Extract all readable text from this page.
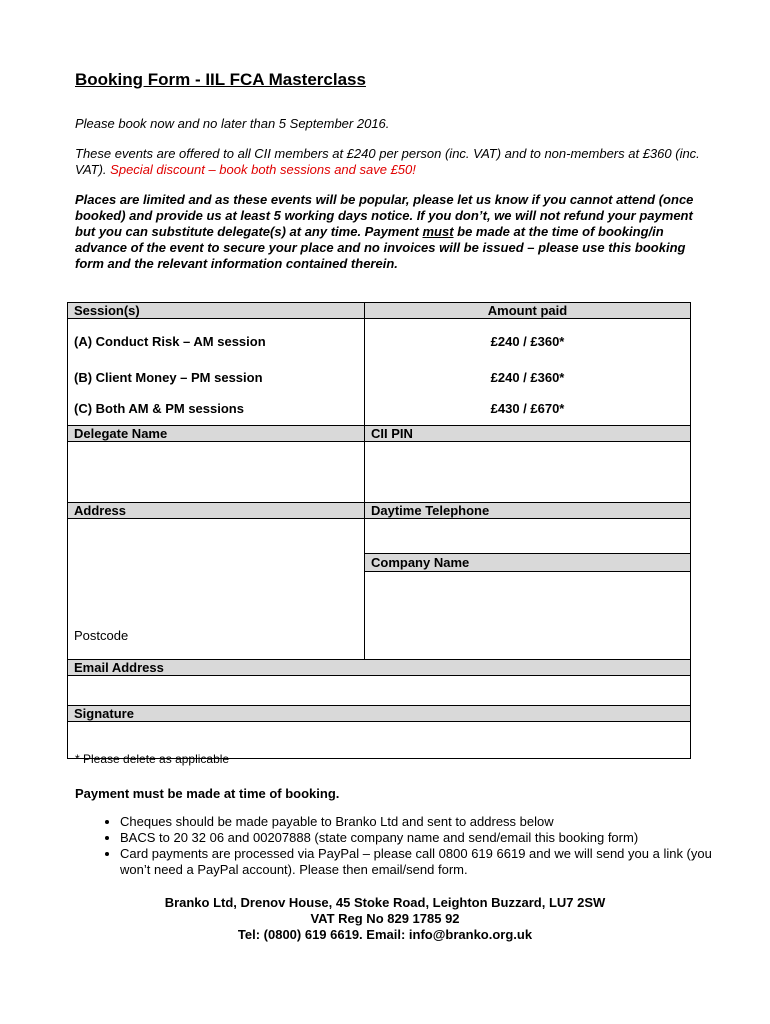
Booking Form - IIL FCA Masterclass

Please book now and no later than 5 September 2016.

These events are offered to all CII members at £240 per person (inc. VAT) and to non-members at £360 (inc. VAT). Special discount – book both sessions and save £50!

Places are limited and as these events will be popular, please let us know if you cannot attend (once booked) and provide us at least 5 working days notice. If you don’t, we will not refund your payment but you can substitute delegate(s) at any time. Payment must be made at the time of booking/in advance of the event to secure your place and no invoices will be issued – please use this booking form and the relevant information contained therein.

Session(s)	Amount paid
(A) Conduct Risk – AM session	£240 / £360*
(B) Client Money – PM session	£240 / £360*
(C) Both AM & PM sessions	£430 / £670*
Delegate Name	CII PIN

Address	Daytime Telephone
Postcode	
	Company Name

Email Address	

Signature	

* Please delete as applicable
Payment must be made at time of booking.
• Cheques should be made payable to Branko Ltd and sent to address below
• BACS to 20 32 06 and 00207888 (state company name and send/email this booking form)
• Card payments are processed via PayPal – please call 0800 619 6619 and we will send you a link (you won’t need a PayPal account). Please then email/send form.
Branko Ltd, Drenov House, 45 Stoke Road, Leighton Buzzard, LU7 2SW
VAT Reg No 829 1785 92
Tel: (0800) 619 6619. Email: info@branko.org.uk
